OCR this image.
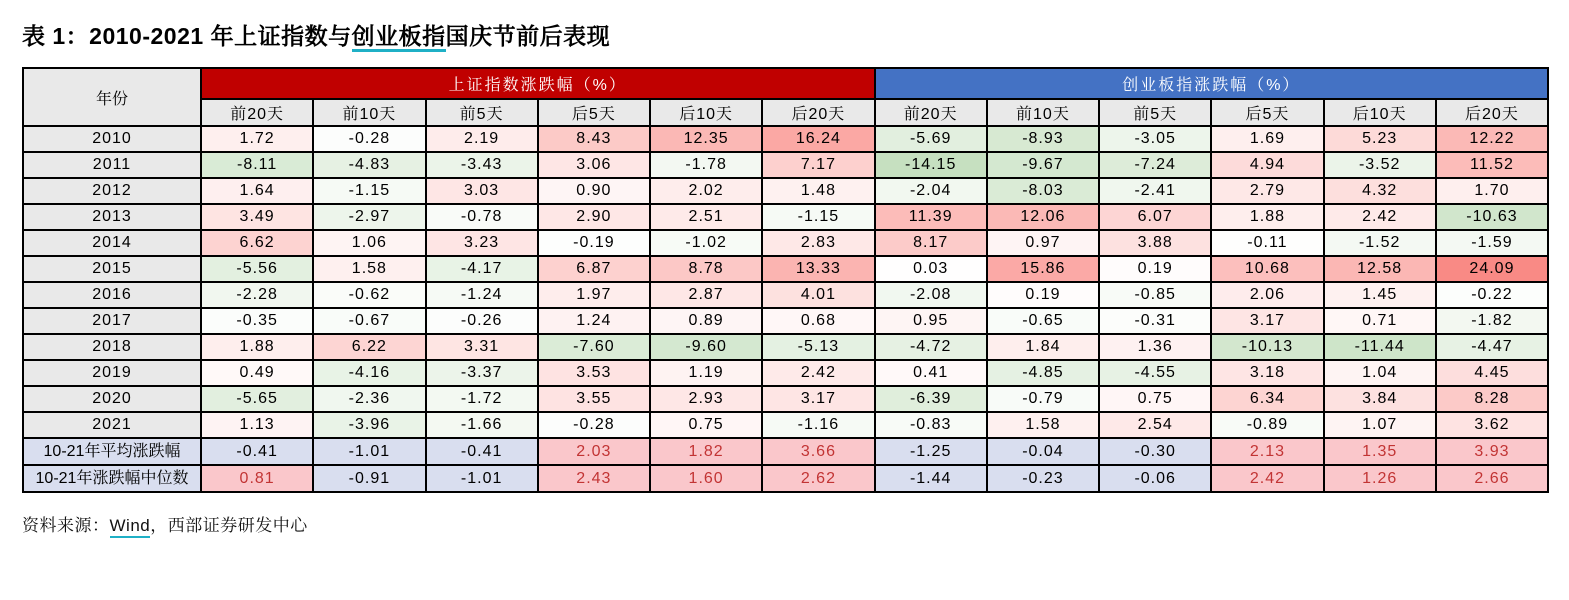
表 1：2010-2021 年上证指数与创业板指国庆节前后表现
年份	上证指数涨跌幅（%）						创业板指涨跌幅（%）					
	前20天	前10天	前5天	后5天	后10天	后20天	前20天	前10天	前5天	后5天	后10天	后20天
2010	1.72	-0.28	2.19	8.43	12.35	16.24	-5.69	-8.93	-3.05	1.69	5.23	12.22
2011	-8.11	-4.83	-3.43	3.06	-1.78	7.17	-14.15	-9.67	-7.24	4.94	-3.52	11.52
2012	1.64	-1.15	3.03	0.90	2.02	1.48	-2.04	-8.03	-2.41	2.79	4.32	1.70
2013	3.49	-2.97	-0.78	2.90	2.51	-1.15	11.39	12.06	6.07	1.88	2.42	-10.63
2014	6.62	1.06	3.23	-0.19	-1.02	2.83	8.17	0.97	3.88	-0.11	-1.52	-1.59
2015	-5.56	1.58	-4.17	6.87	8.78	13.33	0.03	15.86	0.19	10.68	12.58	24.09
2016	-2.28	-0.62	-1.24	1.97	2.87	4.01	-2.08	0.19	-0.85	2.06	1.45	-0.22
2017	-0.35	-0.67	-0.26	1.24	0.89	0.68	0.95	-0.65	-0.31	3.17	0.71	-1.82
2018	1.88	6.22	3.31	-7.60	-9.60	-5.13	-4.72	1.84	1.36	-10.13	-11.44	-4.47
2019	0.49	-4.16	-3.37	3.53	1.19	2.42	0.41	-4.85	-4.55	3.18	1.04	4.45
2020	-5.65	-2.36	-1.72	3.55	2.93	3.17	-6.39	-0.79	0.75	6.34	3.84	8.28
2021	1.13	-3.96	-1.66	-0.28	0.75	-1.16	-0.83	1.58	2.54	-0.89	1.07	3.62
10-21年平均涨跌幅	-0.41	-1.01	-0.41	2.03	1.82	3.66	-1.25	-0.04	-0.30	2.13	1.35	3.93
10-21年涨跌幅中位数	0.81	-0.91	-1.01	2.43	1.60	2.62	-1.44	-0.23	-0.06	2.42	1.26	2.66
资料来源：Wind，西部证券研发中心
